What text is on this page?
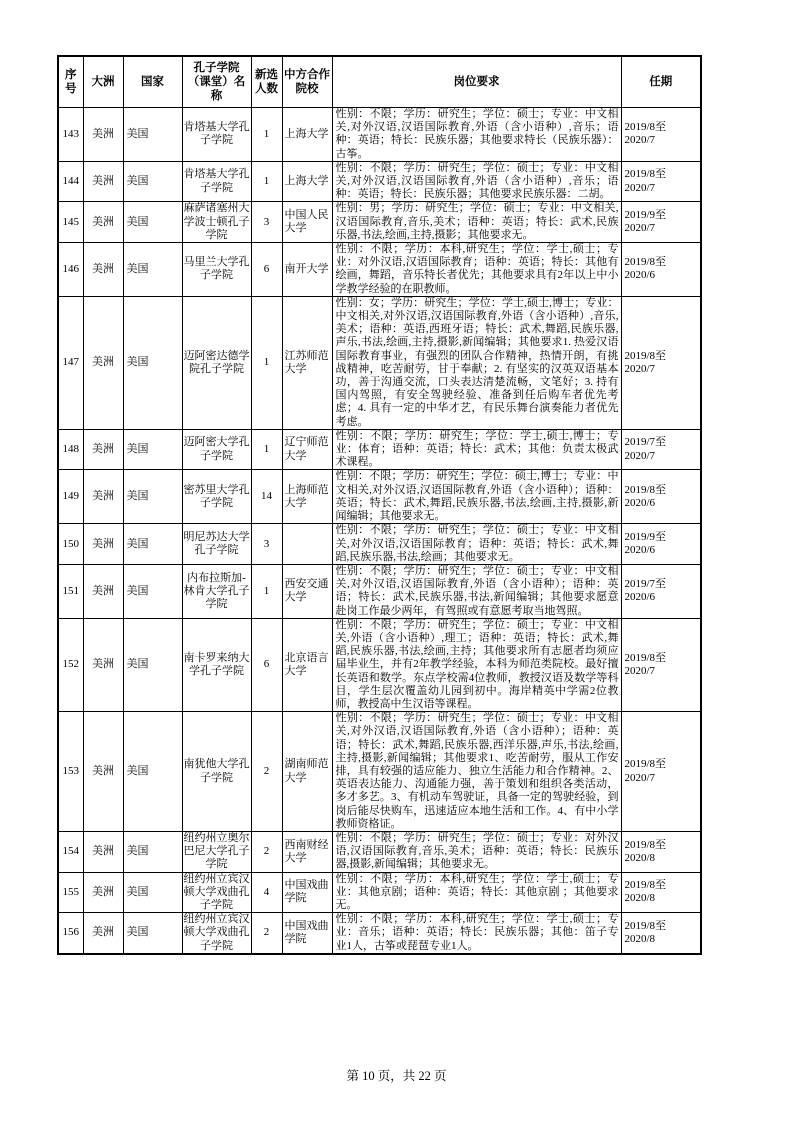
序号	大洲	国家	孔子学院（课堂）名称	新选人数	中方合作院校	岗位要求	任期
143	美洲	美国	肯塔基大学孔子学院	1	上海大学	性别：不限；学历：研究生；学位：硕士；专业：中文相关,对外汉语,汉语国际教育,外语（含小语种）,音乐；语种：英语；特长：民族乐器；其他要求特长（民族乐器）：古筝。	2019/8至2020/7
144	美洲	美国	肯塔基大学孔子学院	1	上海大学	性别：不限；学历：研究生；学位：硕士；专业：中文相关,对外汉语,汉语国际教育,外语（含小语种）,音乐；语种：英语；特长：民族乐器；其他要求民族乐器：二胡。	2019/8至2020/7
145	美洲	美国	麻萨诸塞州大学波士顿孔子学院	3	中国人民大学	性别：男；学历：研究生；学位：硕士；专业：中文相关,汉语国际教育,音乐,美术；语种：英语；特长：武术,民族乐器,书法,绘画,主持,摄影；其他要求无。	2019/9至2020/7
146	美洲	美国	马里兰大学孔子学院	6	南开大学	性别：不限；学历：本科,研究生；学位：学士,硕士；专业：对外汉语,汉语国际教育；语种：英语；特长：其他有绘画，舞蹈，音乐特长者优先；其他要求具有2年以上中小学教学经验的在职教师。	2019/8至2020/6
147	美洲	美国	迈阿密达德学院孔子学院	1	江苏师范大学	性别：女；学历：研究生；学位：学士,硕士,博士；专业：中文相关,对外汉语,汉语国际教育,外语（含小语种）,音乐,美术；语种：英语,西班牙语；特长：武术,舞蹈,民族乐器,声乐,书法,绘画,主持,摄影,新闻编辑；其他要求1. 热爱汉语国际教育事业，有强烈的团队合作精神，热情开朗，有挑战精神，吃苦耐劳，甘于奉献；2. 有坚实的汉英双语基本功，善于沟通交流，口头表达清楚流畅，文笔好；3. 持有国内驾照，有安全驾驶经验、准备到任后购车者优先考虑；4. 具有一定的中华才艺，有民乐舞台演奏能力者优先考虑。	2019/8至2020/7
148	美洲	美国	迈阿密大学孔子学院	1	辽宁师范大学	性别：不限；学历：研究生；学位：学士,硕士,博士；专业：体育；语种：英语；特长：武术；其他：负责太极武术课程。	2019/7至2020/7
149	美洲	美国	密苏里大学孔子学院	14	上海师范大学	性别：不限；学历：研究生；学位：硕士,博士；专业：中文相关,对外汉语,汉语国际教育,外语（含小语种）；语种：英语；特长：武术,舞蹈,民族乐器,书法,绘画,主持,摄影,新闻编辑；其他要求无。	2019/8至2020/6
150	美洲	美国	明尼苏达大学孔子学院	3		性别：不限；学历：研究生；学位：硕士；专业：中文相关,对外汉语,汉语国际教育；语种：英语；特长：武术,舞蹈,民族乐器,书法,绘画；其他要求无。	2019/9至2020/6
151	美洲	美国	内布拉斯加-林肯大学孔子学院	1	西安交通大学	性别：不限；学历：研究生；学位：硕士；专业：中文相关,对外汉语,汉语国际教育,外语（含小语种）；语种：英语；特长：武术,民族乐器,书法,新闻编辑；其他要求愿意赴岗工作最少两年，有驾照或有意愿考取当地驾照。	2019/7至2020/6
152	美洲	美国	南卡罗来纳大学孔子学院	6	北京语言大学	性别：不限；学历：研究生；学位：硕士；专业：中文相关,外语（含小语种）,理工；语种：英语；特长：武术,舞蹈,民族乐器,书法,绘画,主持；其他要求所有志愿者均须应届毕业生，并有2年教学经验，本科为师范类院校。最好擅长英语和数学。东点学校需4位教师，教授汉语及数学等科目，学生层次覆盖幼儿园到初中。海岸精英中学需2位教师，教授高中生汉语等课程。	2019/8至2020/7
153	美洲	美国	南犹他大学孔子学院	2	湖南师范大学	性别：不限；学历：研究生；学位：硕士；专业：中文相关,对外汉语,汉语国际教育,外语（含小语种）；语种：英语；特长：武术,舞蹈,民族乐器,西洋乐器,声乐,书法,绘画,主持,摄影,新闻编辑；其他要求1、吃苦耐劳，服从工作安排，具有较强的适应能力、独立生活能力和合作精神。2、英语表达能力、沟通能力强，善于策划和组织各类活动，多才多艺。3、有机动车驾驶证，具备一定的驾驶经验，到岗后能尽快购车，迅速适应本地生活和工作。4、有中小学教师资格证。	2019/8至2020/7
154	美洲	美国	纽约州立奥尔巴尼大学孔子学院	2	西南财经大学	性别：不限；学历：研究生；学位：硕士；专业：对外汉语,汉语国际教育,音乐,美术；语种：英语；特长：民族乐器,摄影,新闻编辑；其他要求无。	2019/8至2020/8
155	美洲	美国	纽约州立宾汉顿大学戏曲孔子学院	4	中国戏曲学院	性别：不限；学历：本科,研究生；学位：学士,硕士；专业：其他京剧；语种：英语；特长：其他京剧 ；其他要求无。	2019/8至2020/8
156	美洲	美国	纽约州立宾汉顿大学戏曲孔子学院	2	中国戏曲学院	性别：不限；学历：本科,研究生；学位：学士,硕士；专业：音乐；语种：英语；特长：民族乐器；其他：笛子专业1人，古筝或琵琶专业1人。	2019/8至2020/8
第 10 页，共 22 页
